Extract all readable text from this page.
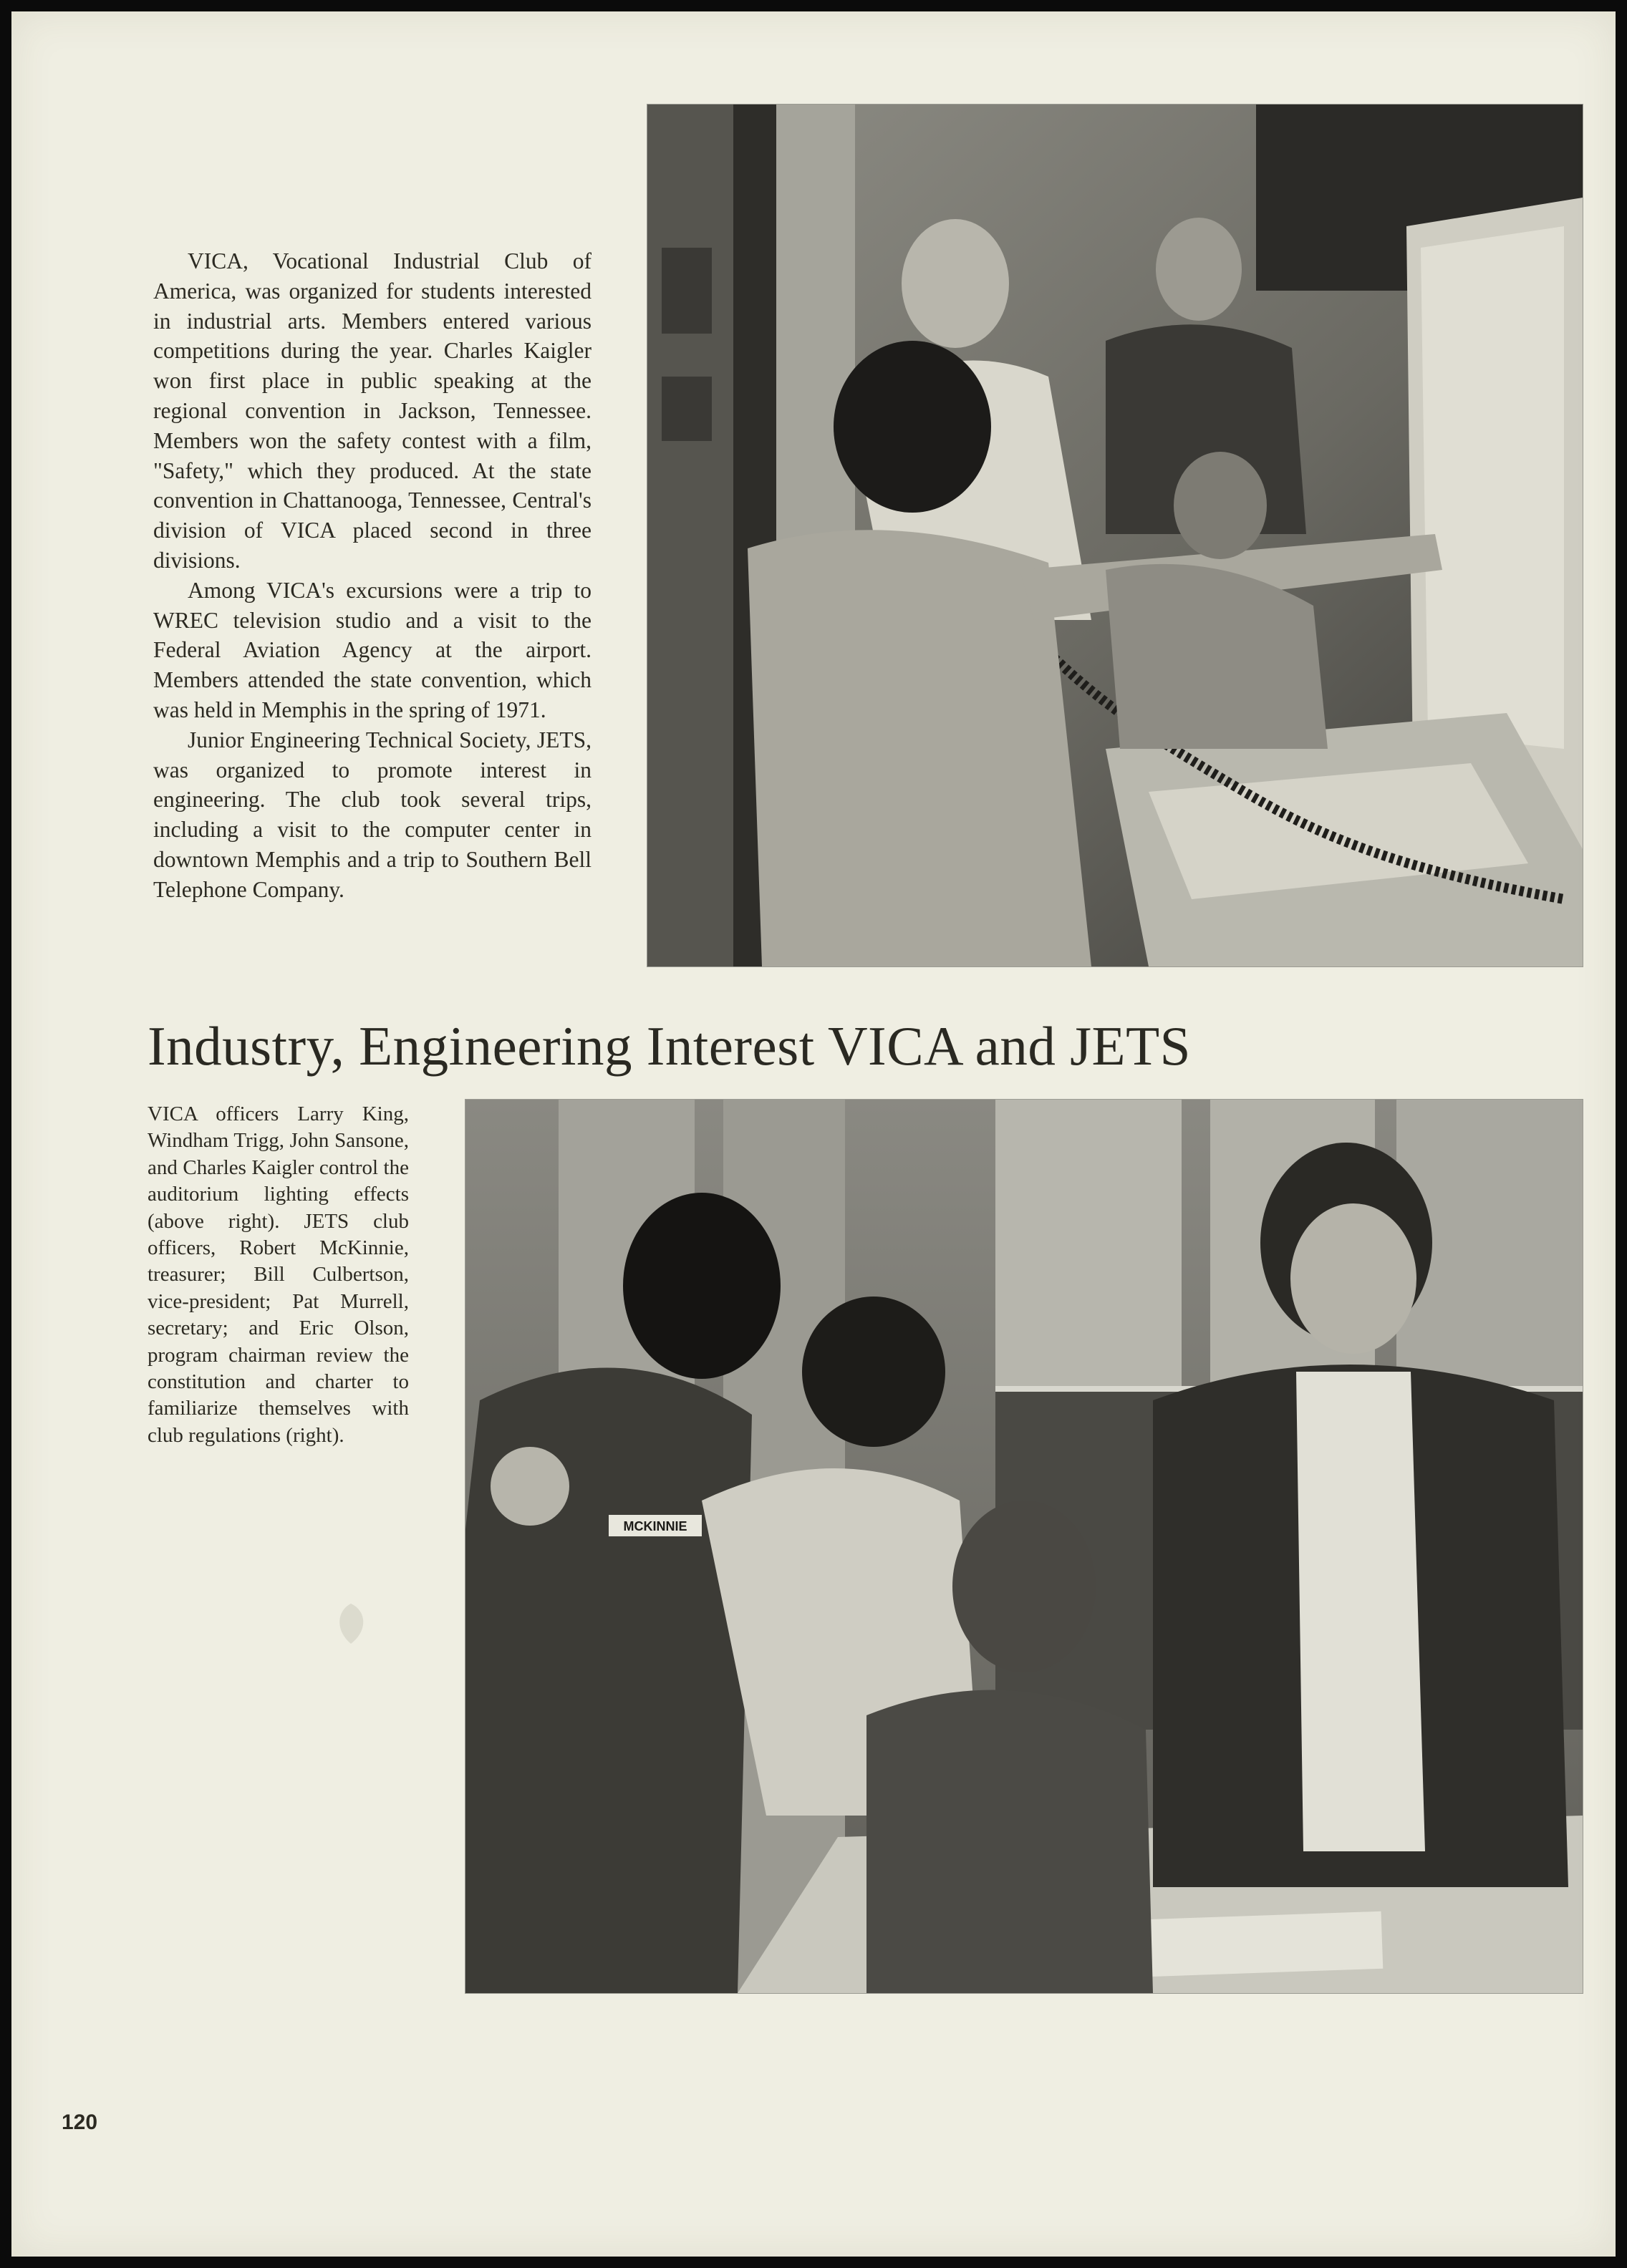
VICA, Vocational Industrial Club of America, was organized for students interested in industrial arts. Members entered various competitions during the year. Charles Kaigler won first place in public speaking at the regional convention in Jackson, Tennessee. Members won the safety contest with a film, "Safety," which they produced. At the state convention in Chattanooga, Tennessee, Central's division of VICA placed second in three divisions.

Among VICA's excursions were a trip to WREC television studio and a visit to the Federal Aviation Agency at the airport. Members attended the state convention, which was held in Memphis in the spring of 1971.

Junior Engineering Technical Society, JETS, was organized to promote interest in engineering. The club took several trips, including a visit to the computer center in downtown Memphis and a trip to Southern Bell Telephone Company.

Industry, Engineering Interest VICA and JETS
VICA officers Larry King, Windham Trigg, John Sansone, and Charles Kaigler control the auditorium lighting effects (above right). JETS club officers, Robert McKinnie, treasurer; Bill Culbertson, vice-president; Pat Murrell, secretary; and Eric Olson, program chairman review the constitution and charter to familiarize themselves with club regulations (right).
MCKINNIE
120
